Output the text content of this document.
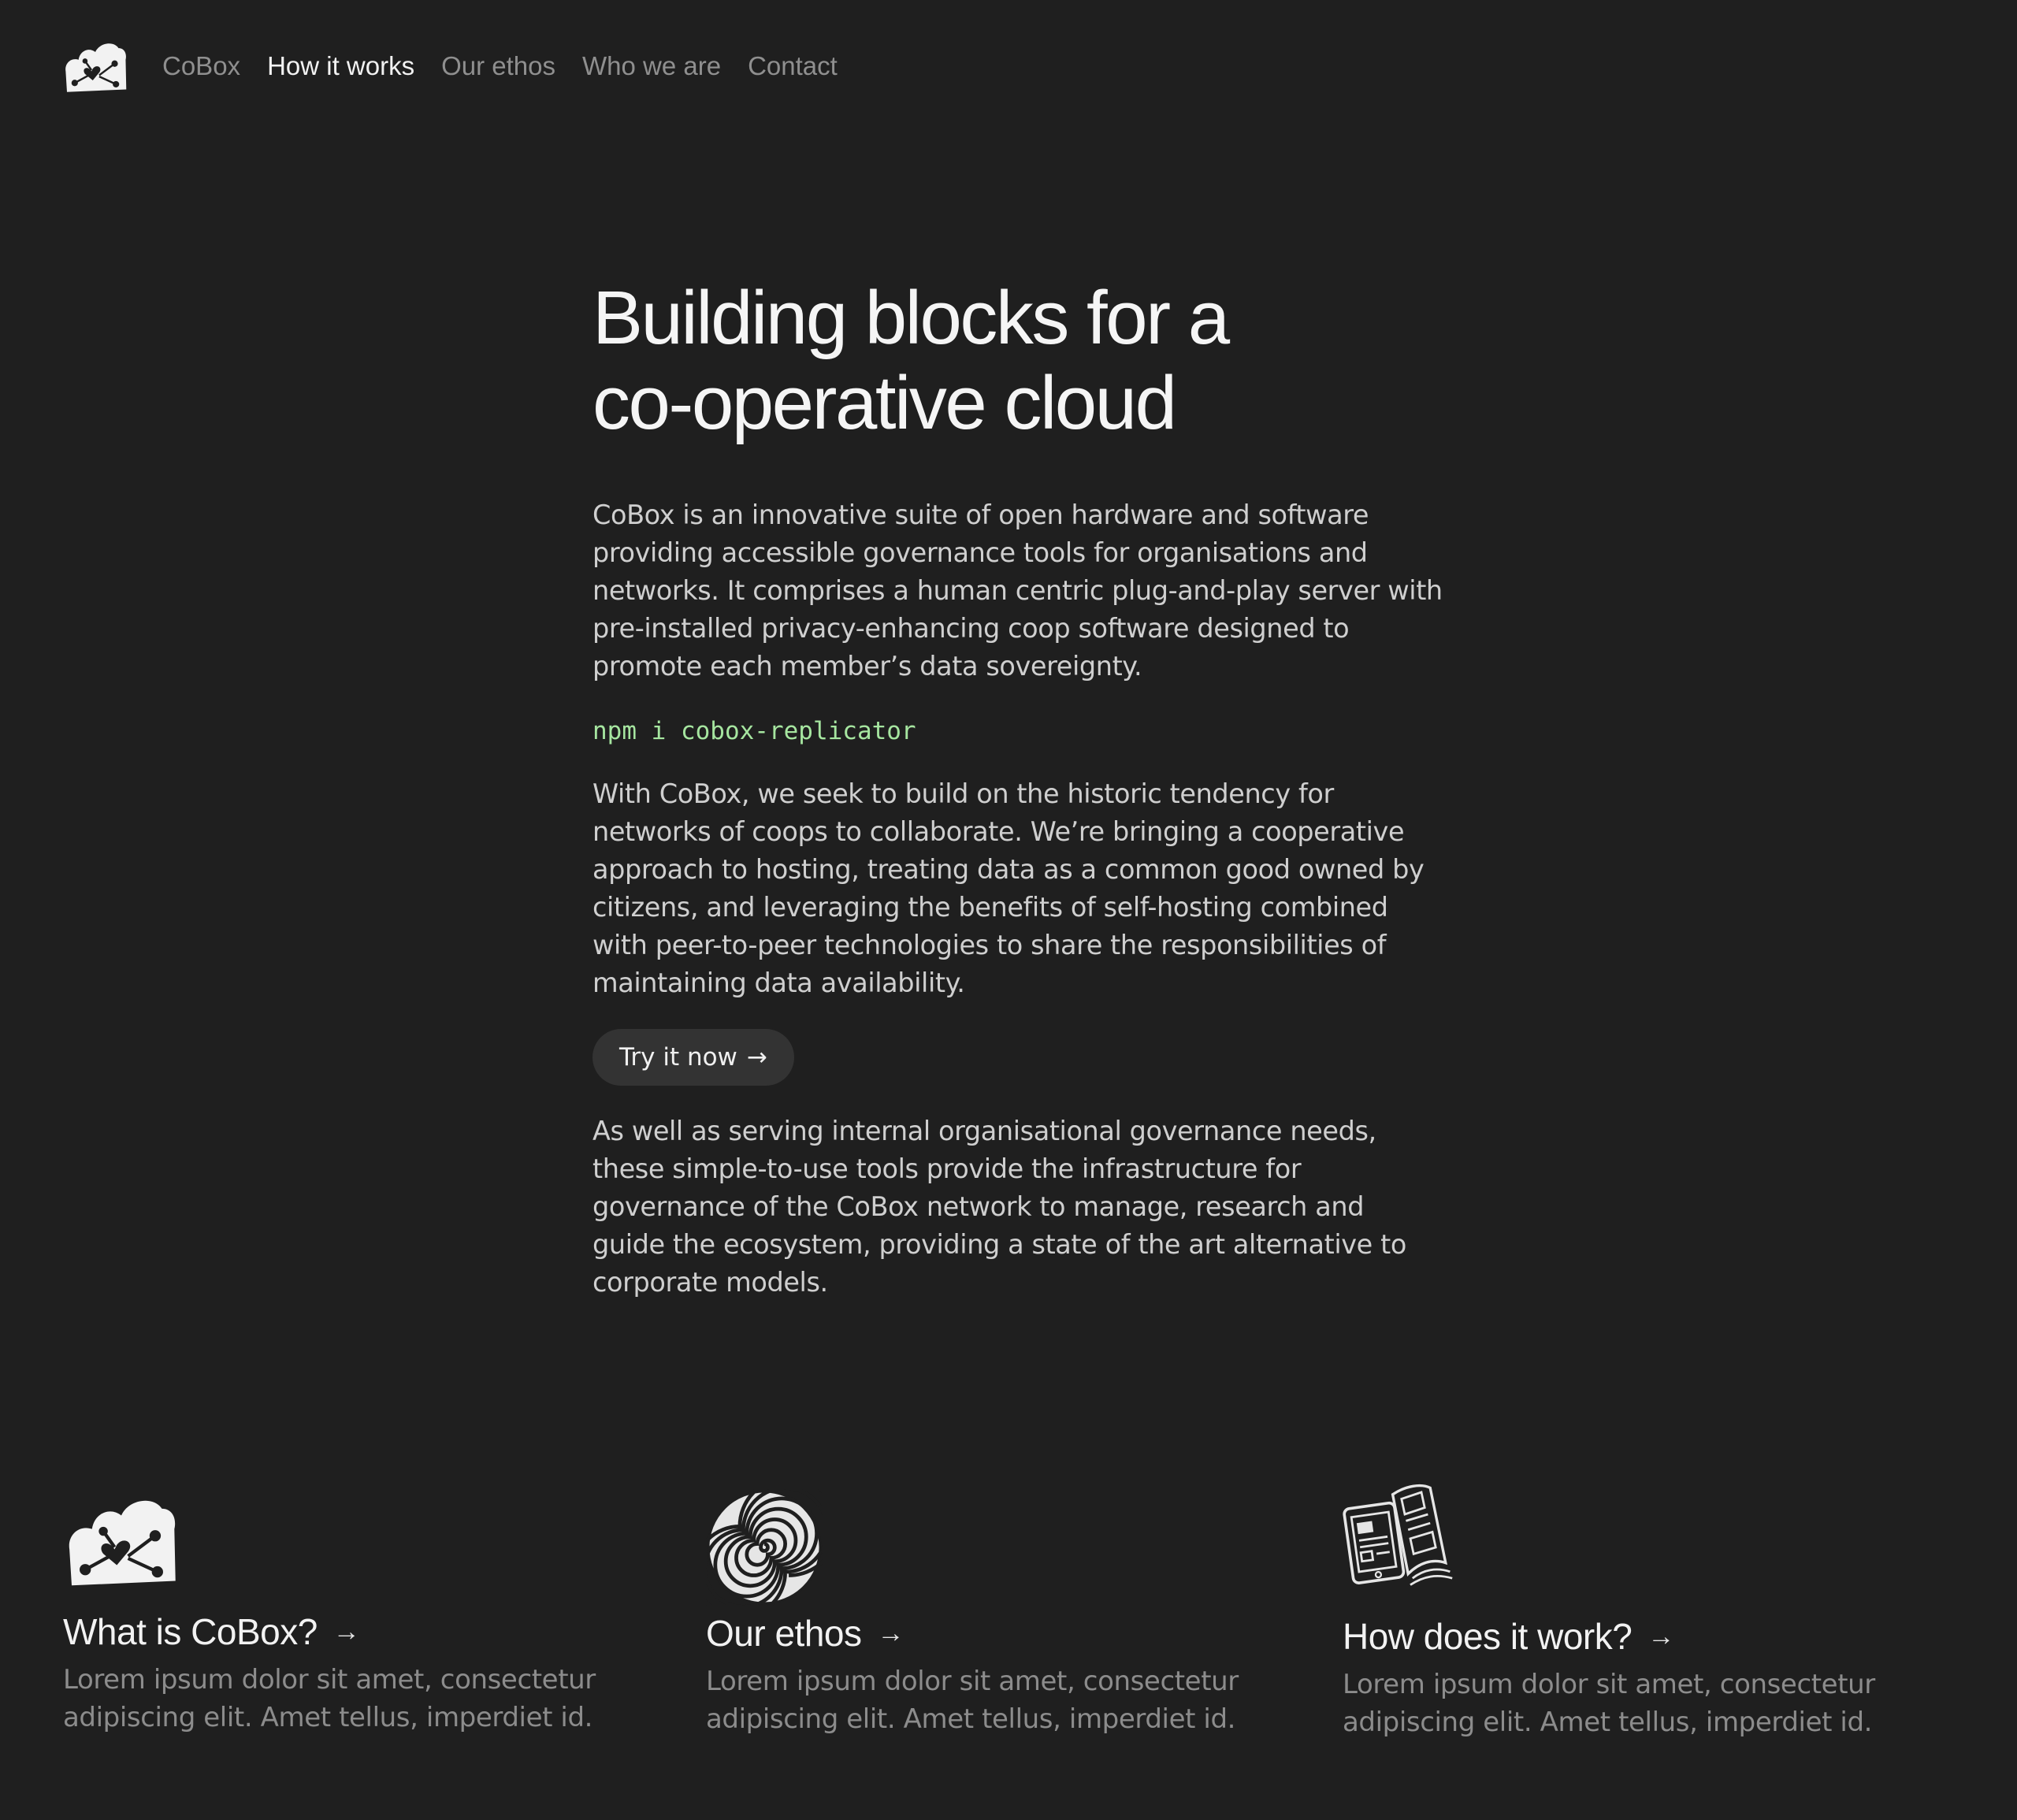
CoBox How it works Our ethos Who we are Contact
Building blocks for a
co-operative cloud

CoBox is an innovative suite of open hardware and software providing accessible governance tools for organisations and networks. It comprises a human centric plug-and-play server with pre-installed privacy-enhancing coop software designed to promote each member’s data sovereignty.

npm i cobox-replicator

With CoBox, we seek to build on the historic tendency for networks of coops to collaborate. We’re bringing a cooperative approach to hosting, treating data as a common good owned by citizens, and leveraging the benefits of self-hosting combined with peer-to-peer technologies to share the responsibilities of maintaining data availability.

Try it now →

As well as serving internal organisational governance needs, these simple-to-use tools provide the infrastructure for governance of the CoBox network to manage, research and guide the ecosystem, providing a state of the art alternative to corporate models.

What is CoBox? →

Lorem ipsum dolor sit amet, consectetur adipiscing elit. Amet tellus, imperdiet id.

Our ethos →

Lorem ipsum dolor sit amet, consectetur adipiscing elit. Amet tellus, imperdiet id.

How does it work? →

Lorem ipsum dolor sit amet, consectetur adipiscing elit. Amet tellus, imperdiet id.
